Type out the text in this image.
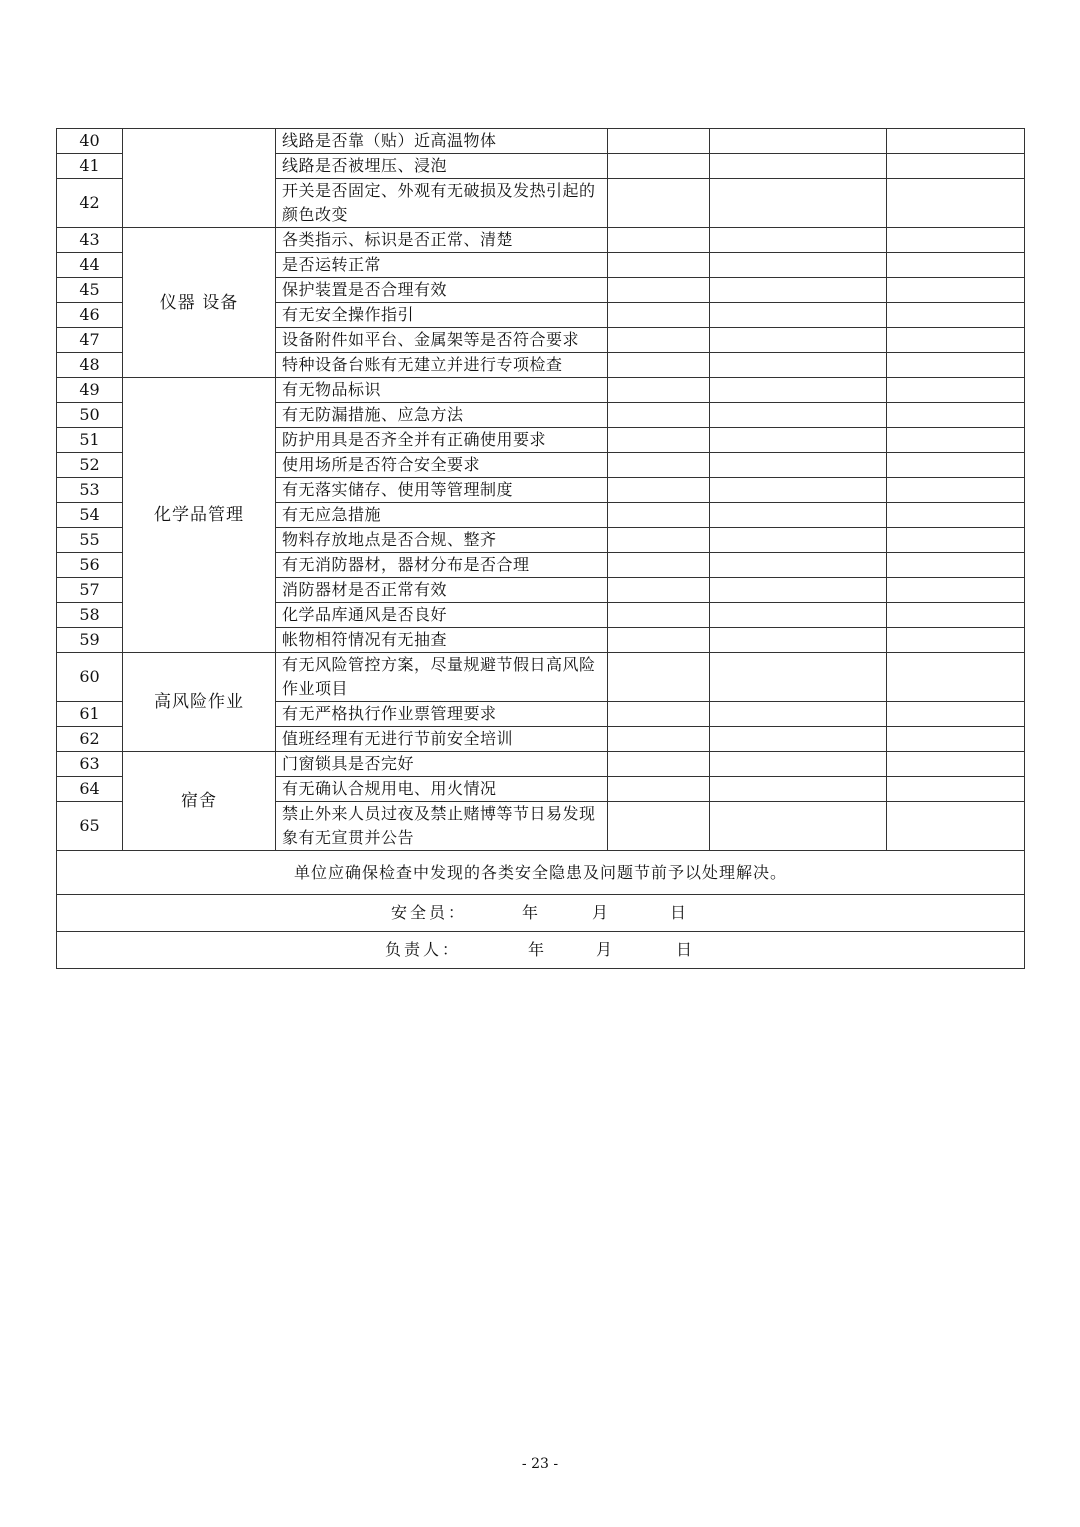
40		线路是否靠（贴）近高温物体			
41		线路是否被埋压、浸泡			
42		开关是否固定、外观有无破损及发热引起的颜色改变			
43	仪器 设备	各类指示、标识是否正常、清楚			
44		是否运转正常			
45		保护装置是否合理有效			
46		有无安全操作指引			
47		设备附件如平台、金属架等是否符合要求			
48		特种设备台账有无建立并进行专项检查			
49	化学品管理	有无物品标识			
50		有无防漏措施、应急方法			
51		防护用具是否齐全并有正确使用要求			
52		使用场所是否符合安全要求			
53		有无落实储存、使用等管理制度			
54		有无应急措施			
55		物料存放地点是否合规、整齐			
56		有无消防器材，器材分布是否合理			
57		消防器材是否正常有效			
58		化学品库通风是否良好			
59		帐物相符情况有无抽查			
60	高风险作业	有无风险管控方案，尽量规避节假日高风险作业项目			
61		有无严格执行作业票管理要求			
62		值班经理有无进行节前安全培训			
63	宿舍	门窗锁具是否完好			
64		有无确认合规用电、用火情况			
65		禁止外来人员过夜及禁止赌博等节日易发现象有无宣贯并公告			
单位应确保检查中发现的各类安全隐患及问题节前予以处理解决。					

安全员： 年 月 日					

负责人： 年 月 日					
- 23 -
